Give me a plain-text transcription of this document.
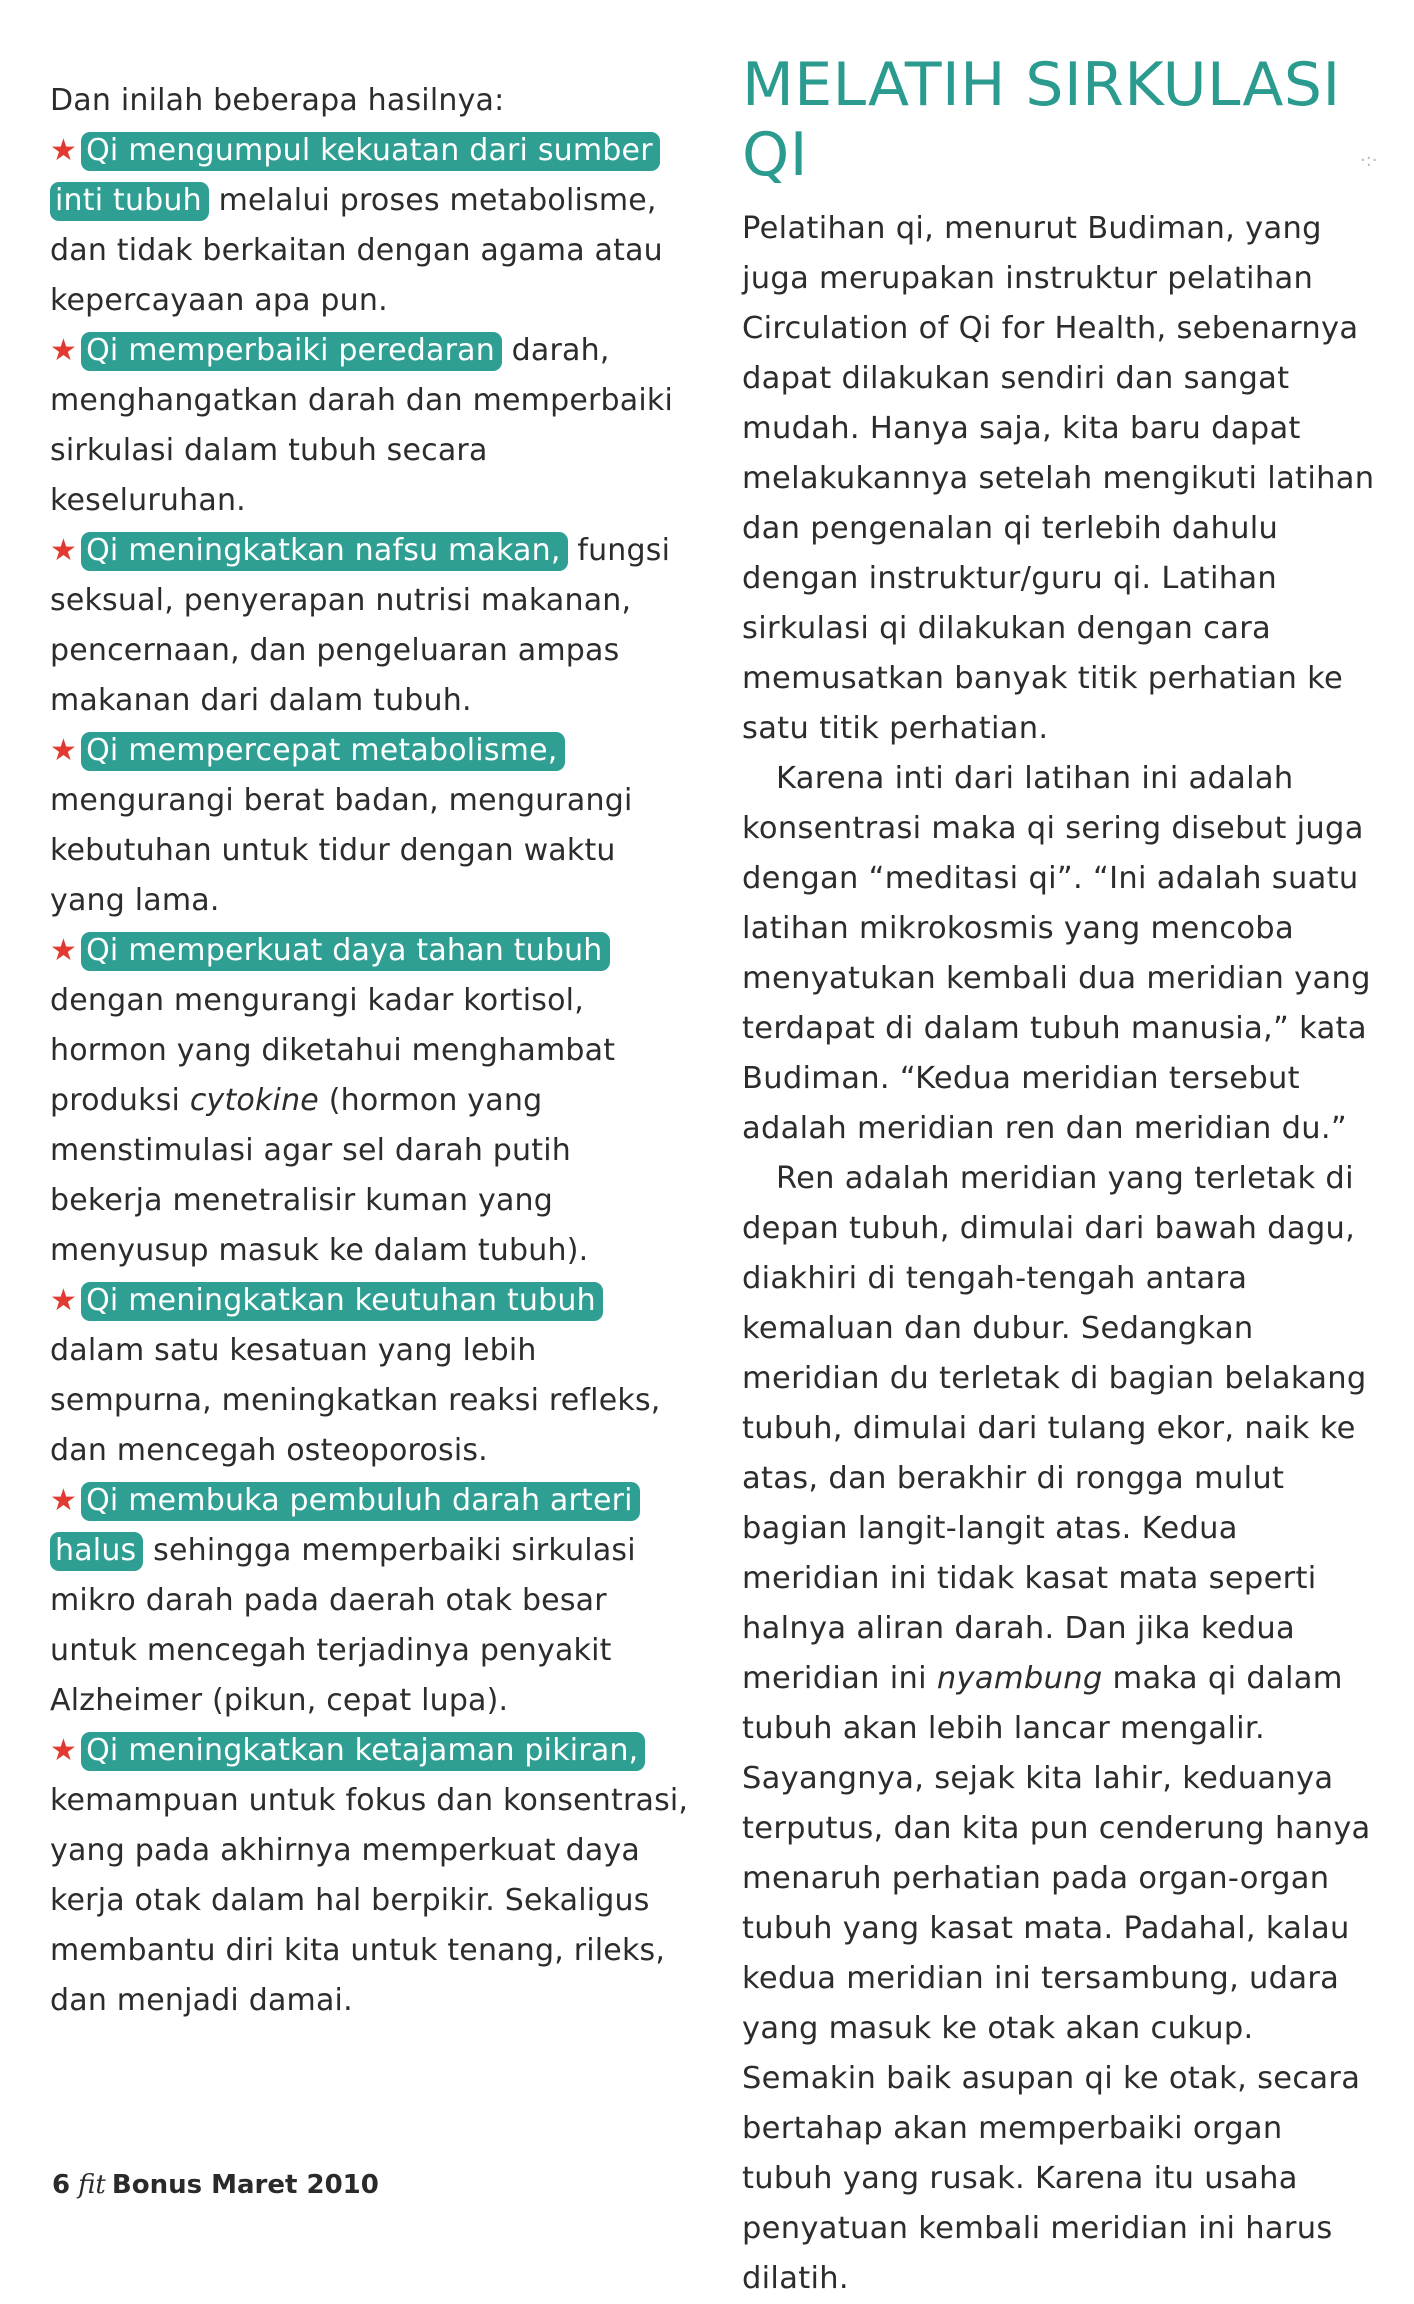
Dan inilah beberapa hasilnya:

★ Qi mengumpul kekuatan dari sumber inti tubuh melalui proses metabolisme, dan tidak berkaitan dengan agama atau kepercayaan apa pun.

★ Qi memperbaiki peredaran darah, menghangatkan darah dan memperbaiki sirkulasi dalam tubuh secara keseluruhan.

★ Qi meningkatkan nafsu makan, fungsi seksual, penyerapan nutrisi makanan, pencernaan, dan pengeluaran ampas makanan dari dalam tubuh.

★ Qi mempercepat metabolisme, mengurangi berat badan, mengurangi kebutuhan untuk tidur dengan waktu yang lama.

★ Qi memperkuat daya tahan tubuh dengan mengurangi kadar kortisol, hormon yang diketahui menghambat produksi cytokine (hormon yang menstimulasi agar sel darah putih bekerja menetralisir kuman yang menyusup masuk ke dalam tubuh).

★ Qi meningkatkan keutuhan tubuh dalam satu kesatuan yang lebih sempurna, meningkatkan reaksi refleks, dan mencegah osteoporosis.

★ Qi membuka pembuluh darah arteri halus sehingga memperbaiki sirkulasi mikro darah pada daerah otak besar untuk mencegah terjadinya penyakit Alzheimer (pikun, cepat lupa).

★ Qi meningkatkan ketajaman pikiran, kemampuan untuk fokus dan konsentrasi, yang pada akhirnya memperkuat daya kerja otak dalam hal berpikir. Sekaligus membantu diri kita untuk tenang, rileks, dan menjadi damai.

MELATIH SIRKULASI QI

Pelatihan qi, menurut Budiman, yang juga merupakan instruktur pelatihan Circulation of Qi for Health, sebenarnya dapat dilakukan sendiri dan sangat mudah. Hanya saja, kita baru dapat melakukannya setelah mengikuti latihan dan pengenalan qi terlebih dahulu dengan instruktur/guru qi. Latihan sirkulasi qi dilakukan dengan cara memusatkan banyak titik perhatian ke satu titik perhatian.

Karena inti dari latihan ini adalah konsentrasi maka qi sering disebut juga dengan “meditasi qi”. “Ini adalah suatu latihan mikrokosmis yang mencoba menyatukan kembali dua meridian yang terdapat di dalam tubuh manusia,” kata Budiman. “Kedua meridian tersebut adalah meridian ren dan meridian du.”

Ren adalah meridian yang terletak di depan tubuh, dimulai dari bawah dagu, diakhiri di tengah-tengah antara kemaluan dan dubur. Sedangkan meridian du terletak di bagian belakang tubuh, dimulai dari tulang ekor, naik ke atas, dan berakhir di rongga mulut bagian langit-langit atas. Kedua meridian ini tidak kasat mata seperti halnya aliran darah. Dan jika kedua meridian ini nyambung maka qi dalam tubuh akan lebih lancar mengalir. Sayangnya, sejak kita lahir, keduanya terputus, dan kita pun cenderung hanya menaruh perhatian pada organ-organ tubuh yang kasat mata. Padahal, kalau kedua meridian ini tersambung, udara yang masuk ke otak akan cukup. Semakin baik asupan qi ke otak, secara bertahap akan memperbaiki organ tubuh yang rusak. Karena itu usaha penyatuan kembali meridian ini harus dilatih.

·:·
6 fit Bonus Maret 2010
